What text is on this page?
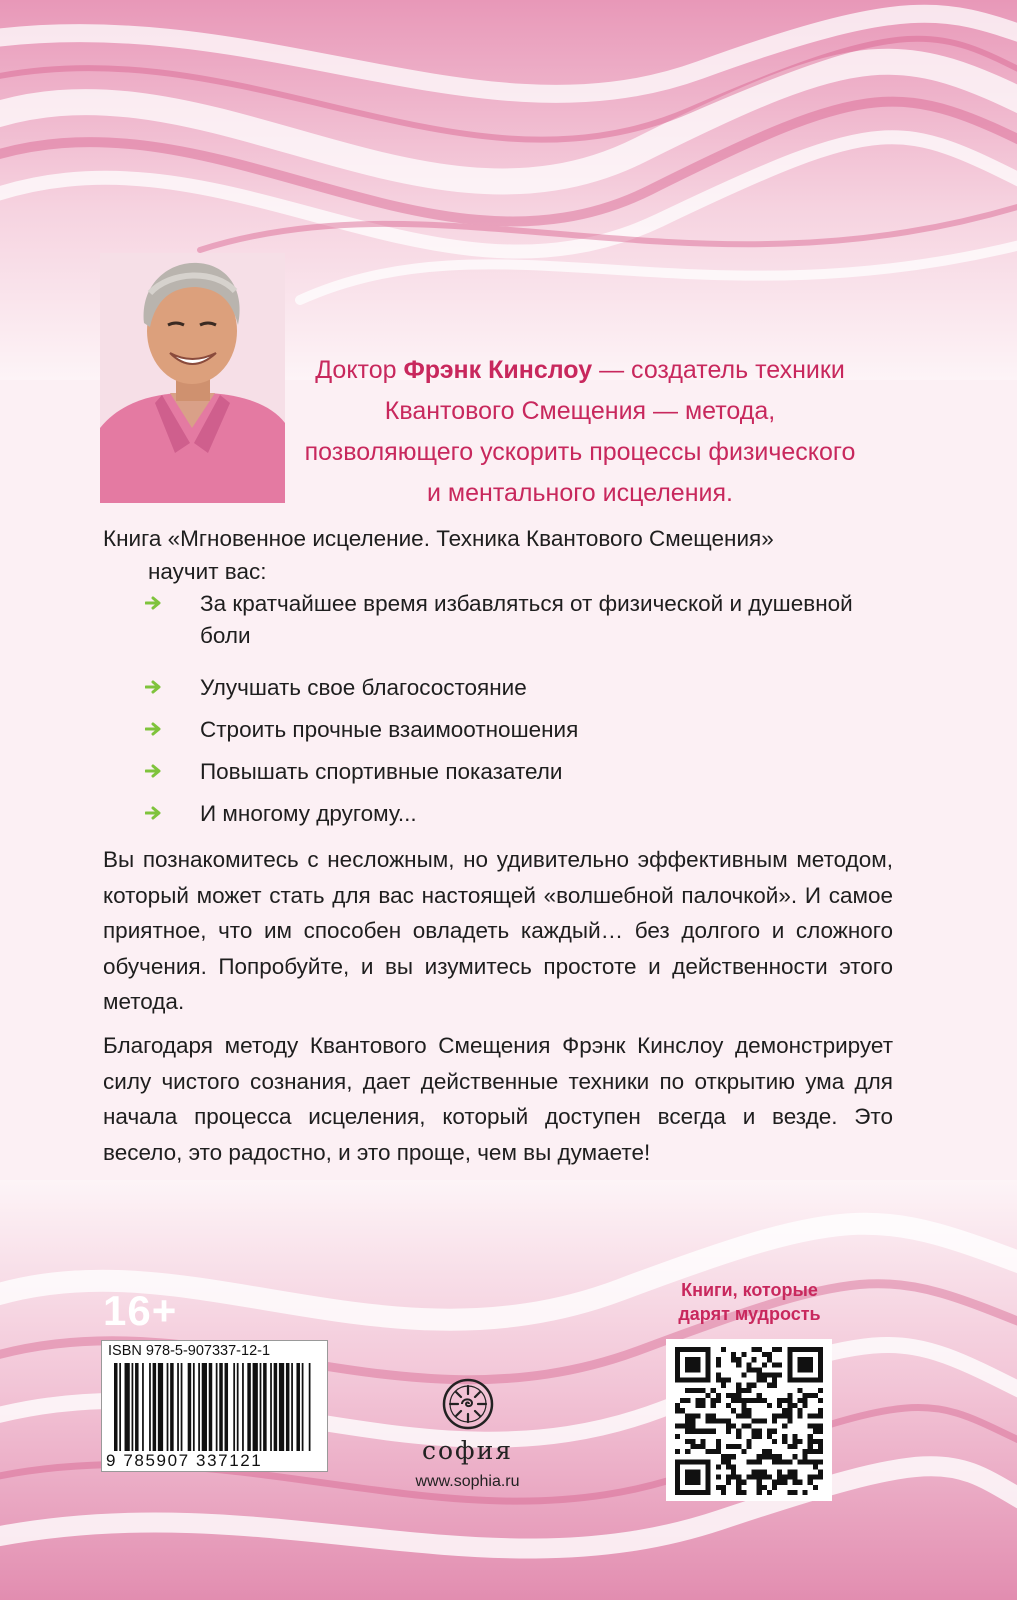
Доктор Фрэнк Кинслоу — создатель техники Квантового Смещения — метода, позволяющего ускорить процессы физического и ментального исцеления.
Книга «Мгновенное исцеление. Техника Квантового Смещения»
научит вас:
За кратчайшее время избавляться от физической и душевной боли
Улучшать свое благосостояние
Строить прочные взаимоотношения
Повышать спортивные показатели
И многому другому...

Вы познакомитесь с несложным, но удивительно эффективным методом, который может стать для вас настоящей «волшебной палочкой». И самое приятное, что им способен овладеть каждый… без долгого и сложного обучения. Попробуйте, и вы изумитесь простоте и действенности этого метода.

Благодаря методу Квантового Смещения Фрэнк Кинслоу демонстрирует силу чистого сознания, дает действенные техники по открытию ума для начала процесса исцеления, который доступен всегда и везде. Это весело, это радостно, и это проще, чем вы думаете!

16+
ISBN 978-5-907337-12-1
9 785907 337121	софия
www.sophia.ru
Книги, которые дарят мудрость
